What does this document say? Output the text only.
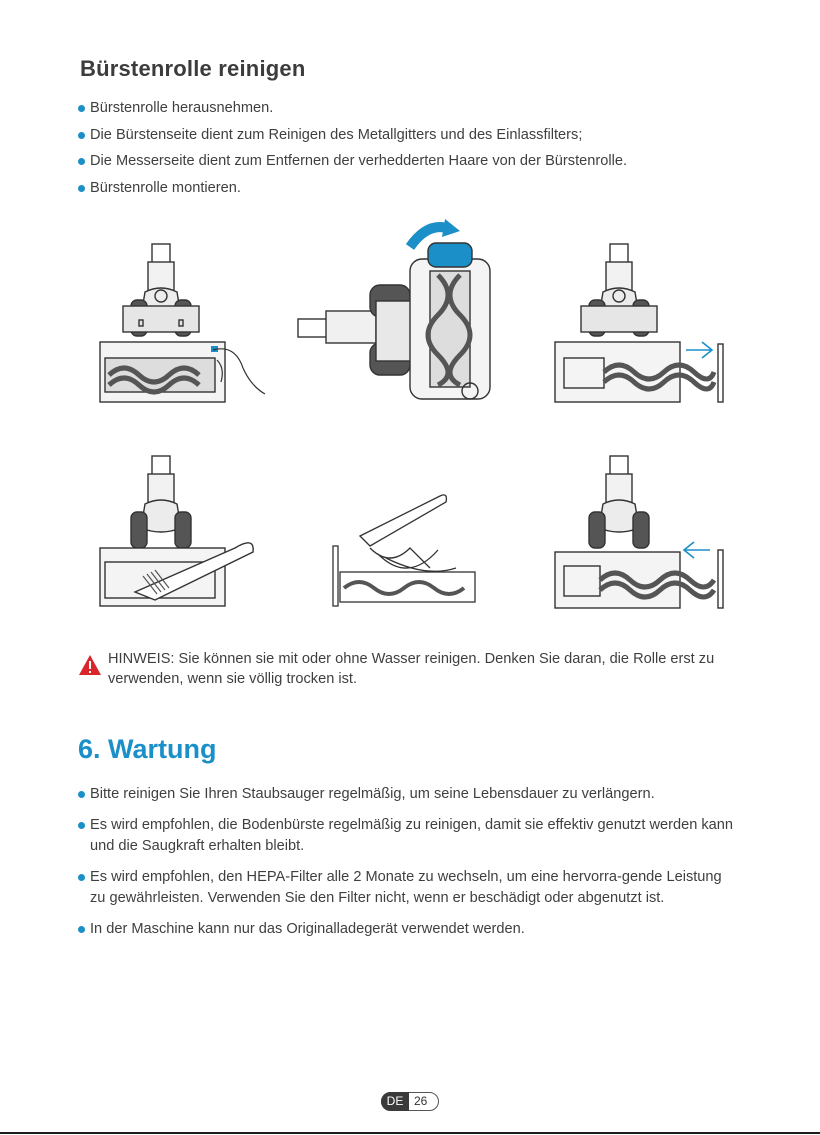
Bürstenrolle reinigen
Bürstenrolle herausnehmen.
Die Bürstenseite dient zum Reinigen des Metallgitters und des Einlassfilters;
Die Messerseite dient zum Entfernen der verhedderten Haare von der Bürstenrolle.
Bürstenrolle montieren.
HINWEIS: Sie können sie mit oder ohne Wasser reinigen. Denken Sie daran, die Rolle erst zu verwenden, wenn sie völlig trocken ist.
6. Wartung
Bitte reinigen Sie Ihren Staubsauger regelmäßig, um seine Lebensdauer zu verlängern.
Es wird empfohlen, die Bodenbürste regelmäßig zu reinigen, damit sie effektiv genutzt werden kann und die Saugkraft erhalten bleibt.
Es wird empfohlen, den HEPA-Filter alle 2 Monate zu wechseln, um eine hervorra-gende Leistung zu gewährleisten. Verwenden Sie den Filter nicht, wenn er beschädigt oder abgenutzt ist.
In der Maschine kann nur das Originalladegerät verwendet werden.
DE 26
